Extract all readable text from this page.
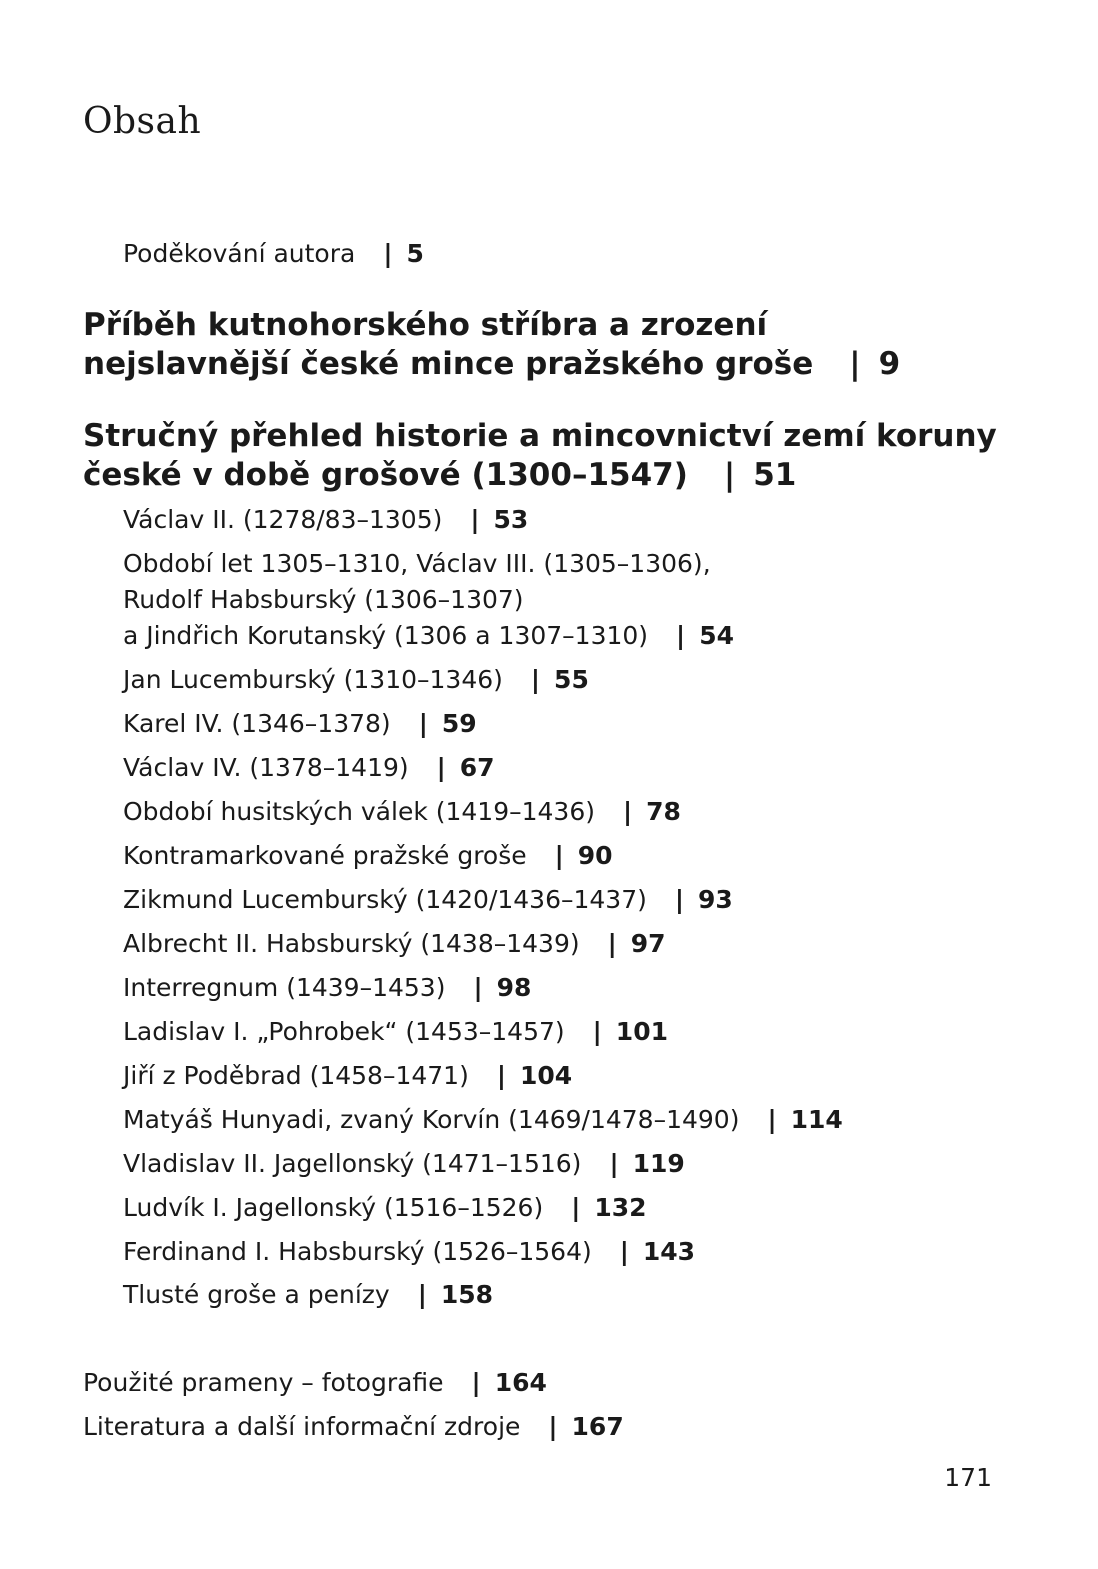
Obsah
Poděkování autora | 5
Příběh kutnohorského stříbra a zrození
nejslavnější české mince pražského groše | 9
Stručný přehled historie a mincovnictví zemí koruny
české v době grošové (1300–1547) | 51
Václav II. (1278/83–1305) | 53
Období let 1305–1310, Václav III. (1305–1306),
Rudolf Habsburský (1306–1307)
a Jindřich Korutanský (1306 a 1307–1310) | 54
Jan Lucemburský (1310–1346) | 55
Karel IV. (1346–1378) | 59
Václav IV. (1378–1419) | 67
Období husitských válek (1419–1436) | 78
Kontramarkované pražské groše | 90
Zikmund Lucemburský (1420/1436–1437) | 93
Albrecht II. Habsburský (1438–1439) | 97
Interregnum (1439–1453) | 98
Ladislav I. „Pohrobek“ (1453–1457) | 101
Jiří z Poděbrad (1458–1471) | 104
Matyáš Hunyadi, zvaný Korvín (1469/1478–1490) | 114
Vladislav II. Jagellonský (1471–1516) | 119
Ludvík I. Jagellonský (1516–1526) | 132
Ferdinand I. Habsburský (1526–1564) | 143
Tlusté groše a penízy | 158
Použité prameny – fotografie | 164
Literatura a další informační zdroje | 167
171
